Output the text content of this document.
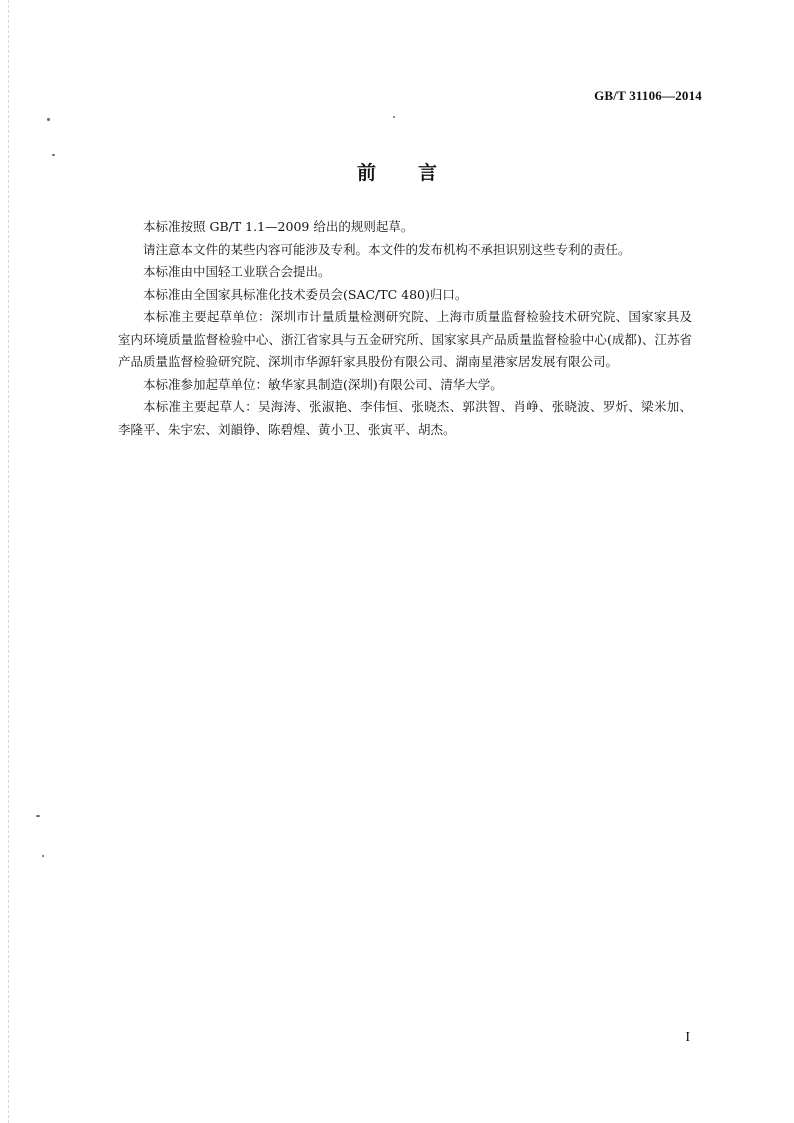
GB/T 31106—2014
前言

本标准按照 GB/T 1.1—2009 给出的规则起草。

请注意本文件的某些内容可能涉及专利。本文件的发布机构不承担识别这些专利的责任。

本标准由中国轻工业联合会提出。

本标准由全国家具标准化技术委员会(SAC/TC 480)归口。

本标准主要起草单位：深圳市计量质量检测研究院、上海市质量监督检验技术研究院、国家家具及室内环境质量监督检验中心、浙江省家具与五金研究所、国家家具产品质量监督检验中心(成都)、江苏省产品质量监督检验研究院、深圳市华源轩家具股份有限公司、湖南星港家居发展有限公司。

本标准参加起草单位：敏华家具制造(深圳)有限公司、清华大学。

本标准主要起草人：吴海涛、张淑艳、李伟恒、张晓杰、郭洪智、肖峥、张晓波、罗炘、梁米加、李隆平、朱宇宏、刘韻铮、陈碧煌、黄小卫、张寅平、胡杰。

I
